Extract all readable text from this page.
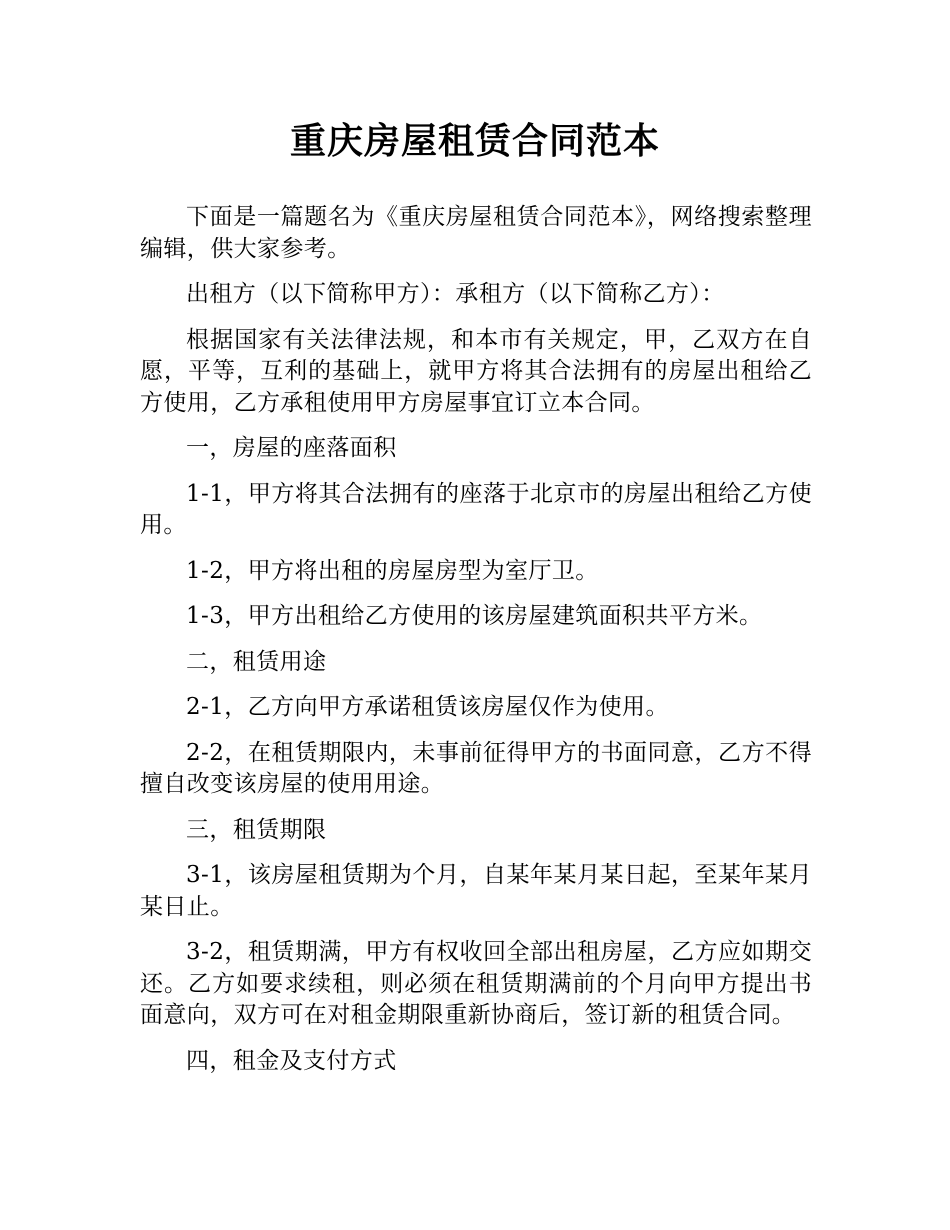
重庆房屋租赁合同范本

下面是一篇题名为《重庆房屋租赁合同范本》，网络搜索整理编辑，供大家参考。

出租方（以下简称甲方）：承租方（以下简称乙方）：

根据国家有关法律法规，和本市有关规定，甲，乙双方在自愿，平等，互利的基础上，就甲方将其合法拥有的房屋出租给乙方使用，乙方承租使用甲方房屋事宜订立本合同。

一，房屋的座落面积

1-1，甲方将其合法拥有的座落于北京市的房屋出租给乙方使用。

1-2，甲方将出租的房屋房型为室厅卫。

1-3，甲方出租给乙方使用的该房屋建筑面积共平方米。

二，租赁用途

2-1，乙方向甲方承诺租赁该房屋仅作为使用。

2-2，在租赁期限内，未事前征得甲方的书面同意，乙方不得擅自改变该房屋的使用用途。

三，租赁期限

3-1，该房屋租赁期为个月，自某年某月某日起，至某年某月某日止。

3-2，租赁期满，甲方有权收回全部出租房屋，乙方应如期交还。乙方如要求续租，则必须在租赁期满前的个月向甲方提出书面意向，双方可在对租金期限重新协商后，签订新的租赁合同。

四，租金及支付方式
